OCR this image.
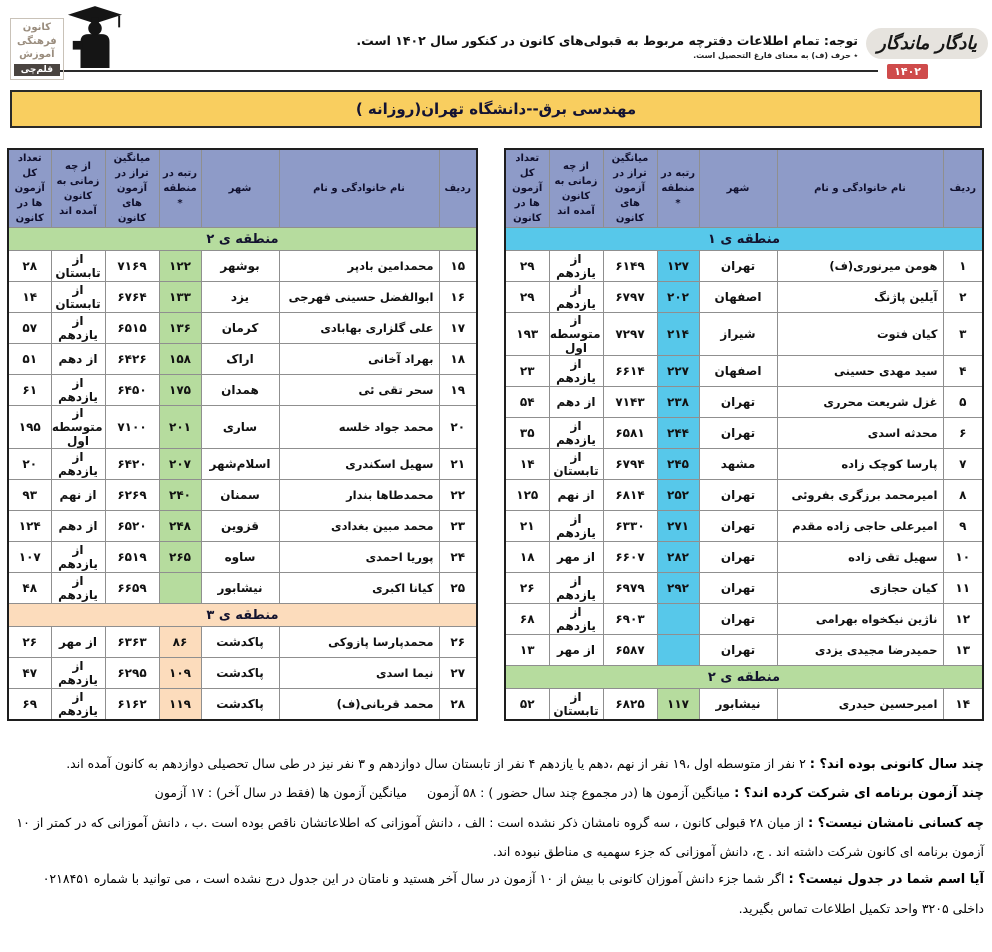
کانون
فرهنگی
آموزش
قلم‌چی
توجه: تمام اطلاعات دفترچه مربوط به قبولی‌های کانون در کنکور سال ۱۴۰۲ است.
٭ حرف (ف) به معنای فارغ التحصیل است.
یادگار ماندگار
۱۴۰۲
مهندسی برق--دانشگاه تهران(روزانه )
ردیف	نام خانوادگی و نام	شهر	رتبه در منطقه *	میانگین تراز در آزمون های کانون	از چه زمانی به کانون آمده اند	تعداد کل آزمون ها در کانون
منطقه ی ۱						
۱	هومن میرنوری(ف)	تهران	۱۲۷	۶۱۴۹	از یازدهم	۲۹
۲	آیلین پاژنگ	اصفهان	۲۰۲	۶۷۹۷	از یازدهم	۲۹
۳	کیان فتوت	شیراز	۲۱۴	۷۲۹۷	از متوسطه اول	۱۹۳
۴	سید مهدی حسینی	اصفهان	۲۲۷	۶۶۱۴	از یازدهم	۲۳
۵	غزل شریعت محرری	تهران	۲۳۸	۷۱۴۳	از دهم	۵۴
۶	محدثه اسدی	تهران	۲۴۴	۶۵۸۱	از یازدهم	۳۵
۷	پارسا کوچک زاده	مشهد	۲۴۵	۶۷۹۴	از تابستان	۱۴
۸	امیرمحمد برزگری بفروئی	تهران	۲۵۲	۶۸۱۴	از نهم	۱۲۵
۹	امیرعلی حاجی زاده مقدم	تهران	۲۷۱	۶۳۳۰	از یازدهم	۲۱
۱۰	سهیل تقی زاده	تهران	۲۸۲	۶۶۰۷	از مهر	۱۸
۱۱	کیان حجازی	تهران	۲۹۲	۶۹۷۹	از یازدهم	۲۶
۱۲	ناژین نیکخواه بهرامی	تهران		۶۹۰۳	از یازدهم	۶۸
۱۳	حمیدرضا مجیدی یزدی	تهران		۶۵۸۷	از مهر	۱۳
منطقه ی ۲						
۱۴	امیرحسین حیدری	نیشابور	۱۱۷	۶۸۲۵	از تابستان	۵۲
ردیف	نام خانوادگی و نام	شهر	رتبه در منطقه *	میانگین تراز در آزمون های کانون	از چه زمانی به کانون آمده اند	تعداد کل آزمون ها در کانون
منطقه ی ۲						
۱۵	محمدامین بادپر	بوشهر	۱۲۲	۷۱۶۹	از تابستان	۲۸
۱۶	ابوالفضل حسینی فهرجی	یزد	۱۳۳	۶۷۶۴	از تابستان	۱۴
۱۷	علی گلزاری بهابادی	کرمان	۱۳۶	۶۵۱۵	از یازدهم	۵۷
۱۸	بهراد آخانی	اراک	۱۵۸	۶۴۲۶	از دهم	۵۱
۱۹	سحر تقی ئی	همدان	۱۷۵	۶۴۵۰	از یازدهم	۶۱
۲۰	محمد جواد خلسه	ساری	۲۰۱	۷۱۰۰	از متوسطه اول	۱۹۵
۲۱	سهیل اسکندری	اسلام‌شهر	۲۰۷	۶۴۲۰	از یازدهم	۲۰
۲۲	محمدطاها بندار	سمنان	۲۴۰	۶۲۶۹	از نهم	۹۳
۲۳	محمد مبین بغدادی	قزوین	۲۴۸	۶۵۲۰	از دهم	۱۲۴
۲۴	پوریا احمدی	ساوه	۲۶۵	۶۵۱۹	از یازدهم	۱۰۷
۲۵	کیانا اکبری	نیشابور		۶۶۵۹	از یازدهم	۴۸
منطقه ی ۳						
۲۶	محمدپارسا پازوکی	پاکدشت	۸۶	۶۳۶۳	از مهر	۲۶
۲۷	نیما اسدی	پاکدشت	۱۰۹	۶۲۹۵	از یازدهم	۴۷
۲۸	محمد قربانی(ف)	پاکدشت	۱۱۹	۶۱۶۲	از یازدهم	۶۹

چند سال کانونی بوده اند؟ : ۲ نفر از متوسطه اول ،۱۹ نفر از نهم ،دهم یا یازدهم ۴ نفر از تابستان سال دوازدهم و ۳ نفر نیز در طی سال تحصیلی دوازدهم به کانون آمده اند.

چند آزمون برنامه ای شرکت کرده اند؟ : میانگین آزمون ها (در مجموع چند سال حضور ) : ۵۸ آزمون     میانگین آزمون ها (فقط در سال آخر) : ۱۷ آزمون

چه کسانی نامشان نیست؟ : از میان ۲۸ قبولی کانون ، سه گروه نامشان ذکر نشده است : الف ، دانش آموزانی که اطلاعاتشان ناقص بوده است .ب ، دانش آموزانی که در کمتر از ۱۰ آزمون برنامه ای کانون شرکت داشته اند . ج، دانش آموزانی که جزء سهمیه ی مناطق نبوده اند.

آیا اسم شما در جدول نیست؟ : اگر شما جزء دانش آموزان کانونی با بیش از ۱۰ آزمون در سال آخر هستید و نامتان در این جدول درج نشده است ، می توانید با شماره ۰۲۱۸۴۵۱ داخلی ۳۲۰۵ واحد تکمیل اطلاعات تماس بگیرید.
